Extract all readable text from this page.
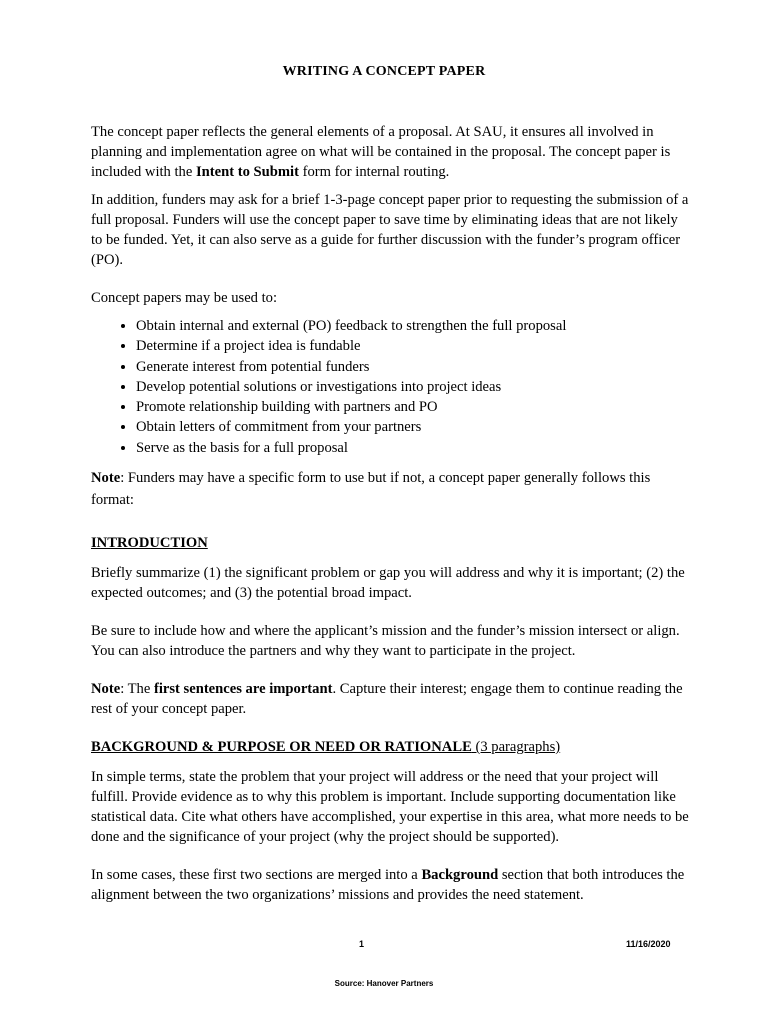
WRITING A CONCEPT PAPER

The concept paper reflects the general elements of a proposal. At SAU, it ensures all involved in planning and implementation agree on what will be contained in the proposal. The concept paper is included with the Intent to Submit form for internal routing.

In addition, funders may ask for a brief 1-3-page concept paper prior to requesting the submission of a full proposal. Funders will use the concept paper to save time by eliminating ideas that are not likely to be funded. Yet, it can also serve as a guide for further discussion with the funder’s program officer (PO).

Concept papers may be used to:

• Obtain internal and external (PO) feedback to strengthen the full proposal
• Determine if a project idea is fundable
• Generate interest from potential funders
• Develop potential solutions or investigations into project ideas
• Promote relationship building with partners and PO
• Obtain letters of commitment from your partners
• Serve as the basis for a full proposal

Note: Funders may have a specific form to use but if not, a concept paper generally follows this format:

INTRODUCTION

Briefly summarize (1) the significant problem or gap you will address and why it is important; (2) the expected outcomes; and (3) the potential broad impact.

Be sure to include how and where the applicant’s mission and the funder’s mission intersect or align. You can also introduce the partners and why they want to participate in the project.

Note: The first sentences are important. Capture their interest; engage them to continue reading the rest of your concept paper.

BACKGROUND & PURPOSE OR NEED OR RATIONALE (3 paragraphs)

In simple terms, state the problem that your project will address or the need that your project will fulfill. Provide evidence as to why this problem is important. Include supporting documentation like statistical data. Cite what others have accomplished, your expertise in this area, what more needs to be done and the significance of your project (why the project should be supported).

In some cases, these first two sections are merged into a Background section that both introduces the alignment between the two organizations’ missions and provides the need statement.

1	11/16/2020
Source: Hanover Partners
